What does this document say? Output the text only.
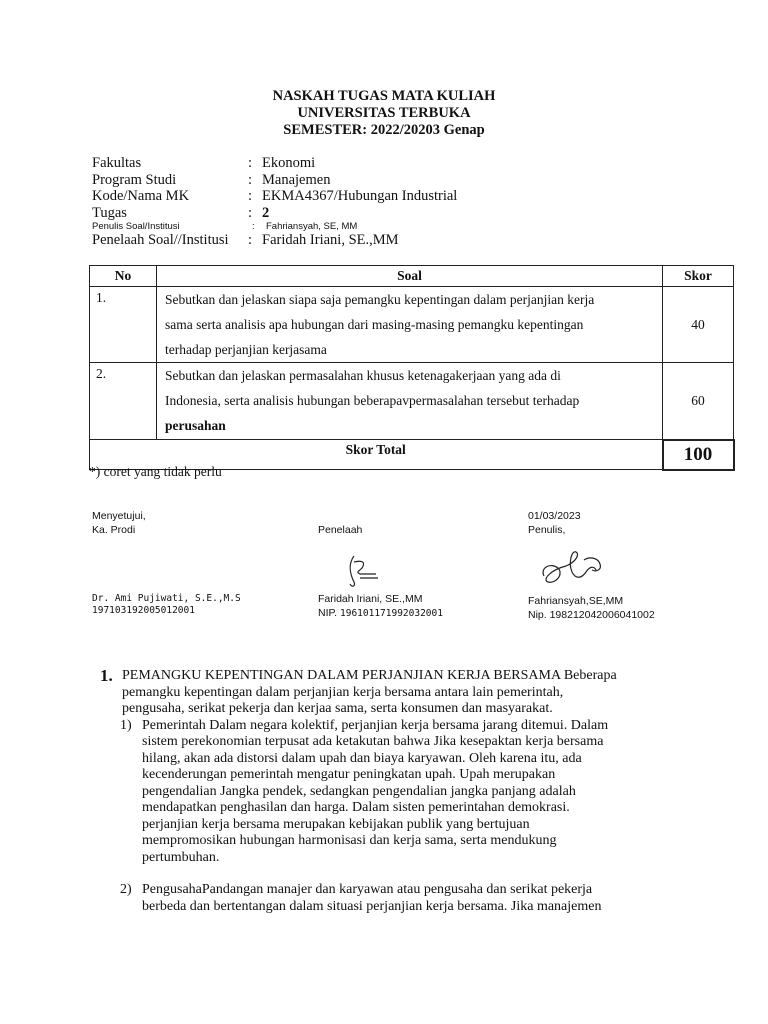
NASKAH TUGAS MATA KULIAH
UNIVERSITAS TERBUKA
SEMESTER: 2022/20203 Genap
Fakultas	: Ekonomi
Program Studi	: Manajemen
Kode/Nama MK	: EKMA4367/Hubungan Industrial
Tugas	: 2
Penulis Soal/Institusi	:	Fahriansyah, SE, MM
Penelaah Soal//Institusi	: Faridah Iriani, SE.,MM
No	Soal	Skor
1.	Sebutkan dan jelaskan siapa saja pemangku kepentingan dalam perjanjian kerja
sama serta analisis apa hubungan dari masing-masing pemangku kepentingan
terhadap perjanjian kerjasama	40
2.	Sebutkan dan jelaskan permasalahan khusus ketenagakerjaan yang ada di
Indonesia, serta analisis hubungan beberapavpermasalahan tersebut terhadap
perusahan	60
Skor Total		100
*) coret yang tidak perlu
Menyetujui,
Ka. Prodi
Dr. Ami Pujiwati, S.E.,M.S
197103192005012001
Penelaah
Faridah Iriani, SE.,MM
NIP. 196101171992032001
01/03/2023
Penulis,
Fahriansyah,SE,MM
Nip. 198212042006041002
1. PEMANGKU KEPENTINGAN DALAM PERJANJIAN KERJA BERSAMA Beberapa
pemangku kepentingan dalam perjanjian kerja bersama antara lain pemerintah,
pengusaha, serikat pekerja dan kerjaa sama, serta konsumen dan masyarakat.
1) Pemerintah Dalam negara kolektif, perjanjian kerja bersama jarang ditemui. Dalam
sistem perekonomian terpusat ada ketakutan bahwa Jika kesepaktan kerja bersama
hilang, akan ada distorsi dalam upah dan biaya karyawan. Oleh karena itu, ada
kecenderungan pemerintah mengatur peningkatan upah. Upah merupakan
pengendalian Jangka pendek, sedangkan pengendalian jangka panjang adalah
mendapatkan penghasilan dan harga. Dalam sisten pemerintahan demokrasi.
perjanjian kerja bersama merupakan kebijakan publik yang bertujuan
mempromosikan hubungan harmonisasi dan kerja sama, serta mendukung
pertumbuhan.
2) PengusahaPandangan manajer dan karyawan atau pengusaha dan serikat pekerja
berbeda dan bertentangan dalam situasi perjanjian kerja bersama. Jika manajemen
